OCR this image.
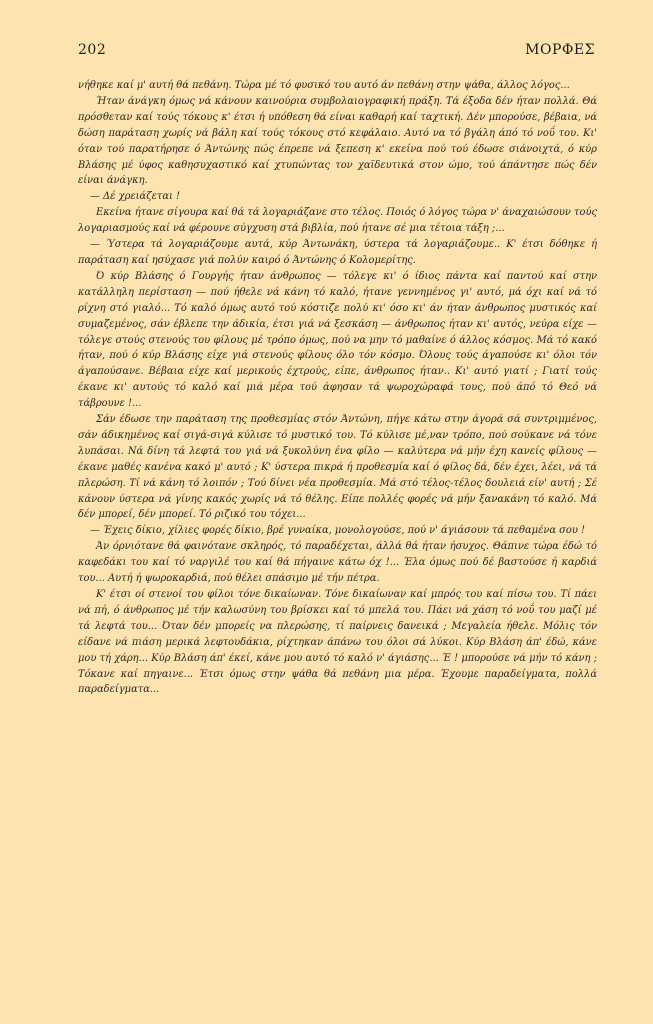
202	ΜΟΡΦΕΣ

νήθηκε καί μ' αυτή θά πεθάνη. Τώρα μέ τό φυσικό του αυτό άν πεθάνη στην ψάθα, άλλος λόγος...

Ήταν άνάγκη όμως νά κάνουν καινούρια συμβολαιογραφική πράξη. Τά έξοδα δέν ήταν πολλά. Θά πρόσθεταν καί τούς τόκους κ' έτσι ή υπόθεση θά είναι καθαρή καί ταχτική. Δέν μπορούσε, βέβαια, νά δώση παράταση χωρίς νά βάλη καί τούς τόκους στό κεφάλαιο. Αυτό να τό βγάλη άπό τό νοΰ του. Κι' όταν τού παρατήρησε ό Άντώνης πώς έπρεπε νά ξεπεση κ' εκείνα πού τού έδωσε σιάνοιχτά, ό κύρ Βλάσης μέ ύφος καθησυχαστικό καί χτυπώντας τον χαϊδευτικά στον ώμο, τού άπάντησε πώς δέν είναι άνάγκη.

— Δέ χρειάζεται !

Εκείνα ήτανε σίγουρα καί θά τά λογαριάζανε στο τέλος. Ποιός ό λόγος τώρα ν' άναχαιώσουν τούς λογαριασμούς καί νά φέρουνε σύγχυση στά βιβλία, πού ήτανε σέ μια τέτοια τάξη ;...

— Ύστερα τά λογαριάζουμε αυτά, κύρ Άντωνάκη, ύστερα τά λογαριάζουμε.. Κ' έτσι δόθηκε ή παράταση καί ησύχασε γιά πολύν καιρό ό Άντώνης ό Κολομερίτης.

Ό κύρ Βλάσης ό Γουργής ήταν άνθρωπος — τόλεγε κι' ό ίδιος πάντα καί παντού καί στην κατάλληλη περίσταση — πού ήθελε νά κάνη τό καλό, ήτανε γεννημένος γι' αυτό, μά όχι καί νά τό ρίχνη στό γιαλό... Τό καλό όμως αυτό τού κόστιζε πολύ κι' όσο κι' άν ήταν άνθρωπος μυστικός καί συμαζεμένος, σάν έβλεπε την άδικία, έτσι γιά νά ξεσκάση — άνθρωπος ήταν κι' αυτός, νεύρα είχε — τόλεγε στούς στενούς του φίλους μέ τρόπο όμως, πού να μην τό μαθαίνε ό άλλος κόσμος. Μά τό κακό ήταν, πού ό κύρ Βλάσης είχε γιά στενούς φίλους όλο τόν κόσμο. Όλους τούς άγαπούσε κι' όλοι τόν άγαπούσανε. Βέβαια είχε καί μερικούς έχτρούς, είπε, άνθρωπος ήταν.. Κι' αυτό γιατί ; Γιατί τούς έκανε κι' αυτούς τό καλό καί μιά μέρα τού άφησαν τά ψωροχώραφά τους, πού άπό τό Θεό νά τάβρουνε !...

Σάν έδωσε την παράταση της προθεσμίας στόν Άντώνη, πήγε κάτω στην άγορά σά συντριμμένος, σάν άδικημένος καί σιγά-σιγά κύλισε τό μυστικό του. Τό κύλισε μέ,ναν τρόπο, πού σούκανε νά τόνε λυπάσαι. Νά δίνη τά λεφτά του γιά νά ξυκολύνη ένα φίλο — καλύτερα νά μήν έχη κανείς φίλους — έκανε μαθές κανένα κακό μ' αυτό ; Κ' ύστερα πικρά ή προθεσμία καί ό φίλος δά, δέν έχει, λέει, νά τά πλερώση. Τί νά κάνη τό λοιπόν ; Τού δίνει νέα προθεσμία. Μά στό τέλος-τέλος δουλειά είν' αυτή ; Σέ κάνουν ύστερα νά γίνης κακός χωρίς νά τό θέλης. Είπε πολλές φορές νά μήν ξανακάνη τό καλό. Μά δέν μπορεί, δέν μπορεί. Τό ριζικό του τόχει...

— Έχεις δίκιο, χίλιες φορές δίκιο, βρέ γυναίκα, μονολογούσε, πού ν' άγιάσουν τά πεθαμένα σου !

Άν όρνιότανε θά φαινότανε σκληρός, τό παραδέχεται, άλλά θά ήταν ήσυχος. Θάπινε τώρα έδώ τό καφεδάκι του καί τό ναργιλέ του καί θά πήγαινε κάτω όχ !... Έλα όμως πού δέ βαστούσε ή καρδιά του... Αυτή ή ψωροκαρδιά, πού θέλει σπάσιμο μέ τήν πέτρα.

Κ' έτσι οί στενοί του φίλοι τόνε δικαίωναν. Τόνε δικαίωναν καί μπρός του καί πίσω του. Τί πάει νά πή, ό άνθρωπος μέ τήν καλωσύνη του βρίσκει καί τό μπελά του. Πάει νά χάση τό νοΰ του μαζί μέ τά λεφτά του... Όταν δέν μπορείς να πλερώσης, τί παίρνεις δανεικά ; Μεγαλεία ήθελε. Μόλις τόν είδανε νά πιάση μερικά λεφτουδάκια, ρίχτηκαν άπάνω του όλοι σά λύκοι. Κύρ Βλάση άπ' έδώ, κάνε μου τή χάρη... Κύρ Βλάση άπ' έκεί, κάνε μου αυτό τό καλό ν' άγιάσης... Έ ! μπορούσε νά μήν τό κάνη ; Τόκανε καί πηγαινε... Έτσι όμως στην ψάθα θά πεθάνη μια μέρα. Έχουμε παραδείγματα, πολλά παραδείγματα...
